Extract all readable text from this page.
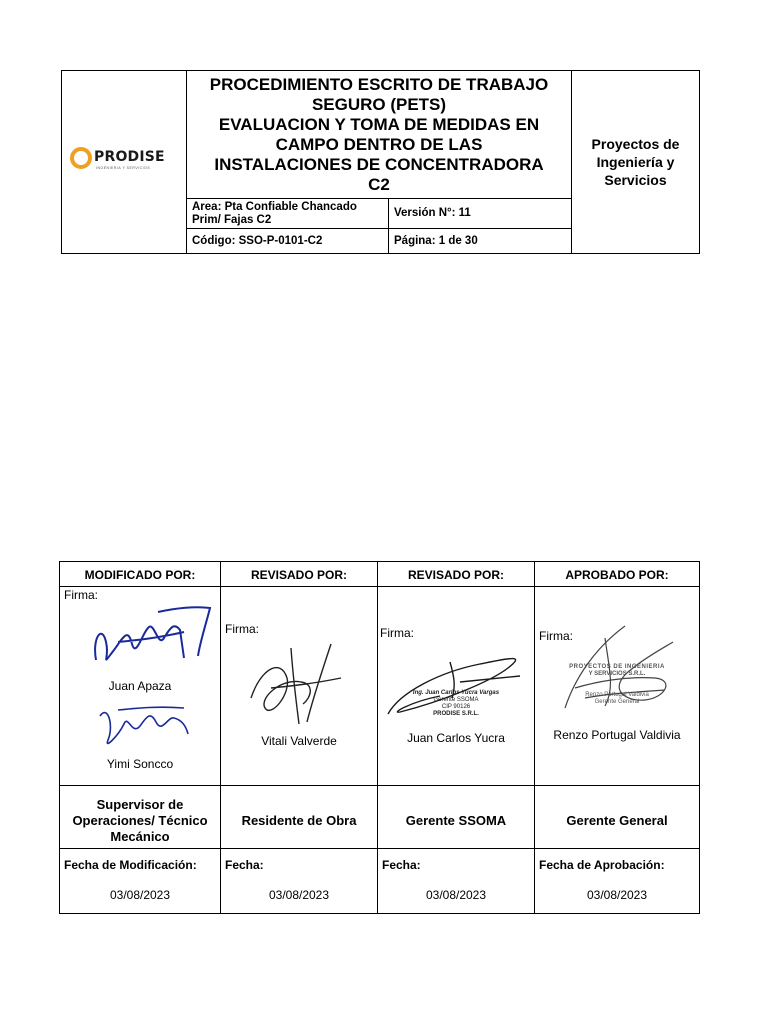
PRODISE
INGENIERIA Y SERVICIOS
PROCEDIMIENTO ESCRITO DE TRABAJO
SEGURO (PETS)
EVALUACION Y TOMA DE MEDIDAS EN
CAMPO DENTRO DE LAS
INSTALACIONES DE CONCENTRADORA
C2
Proyectos de
Ingeniería y
Servicios
Area: Pta Confiable Chancado
Prim/ Fajas C2
Versión N°: 11
Código: SSO-P-0101-C2	Página: 1 de 30
MODIFICADO POR:
Firma:
Juan Apaza
Yimi Soncco
Supervisor de
Operaciones/ Técnico
Mecánico
Fecha de Modificación:
03/08/2023
REVISADO POR:
Firma:
Vitali Valverde
Residente de Obra
Fecha:
03/08/2023
REVISADO POR:
Firma:
Ing. Juan Carlos Yucra Vargas
Gerente SSOMA
CIP 90126
PRODISE S.R.L.
Juan Carlos Yucra
Gerente SSOMA
Fecha:
03/08/2023
APROBADO POR:
Firma:
PROYECTOS DE INGENIERIA
Y SERVICIOS S.R.L.
Renzo Portugal Valdivia
Gerente General
Renzo Portugal Valdivia
Gerente General
Fecha de Aprobación:
03/08/2023
